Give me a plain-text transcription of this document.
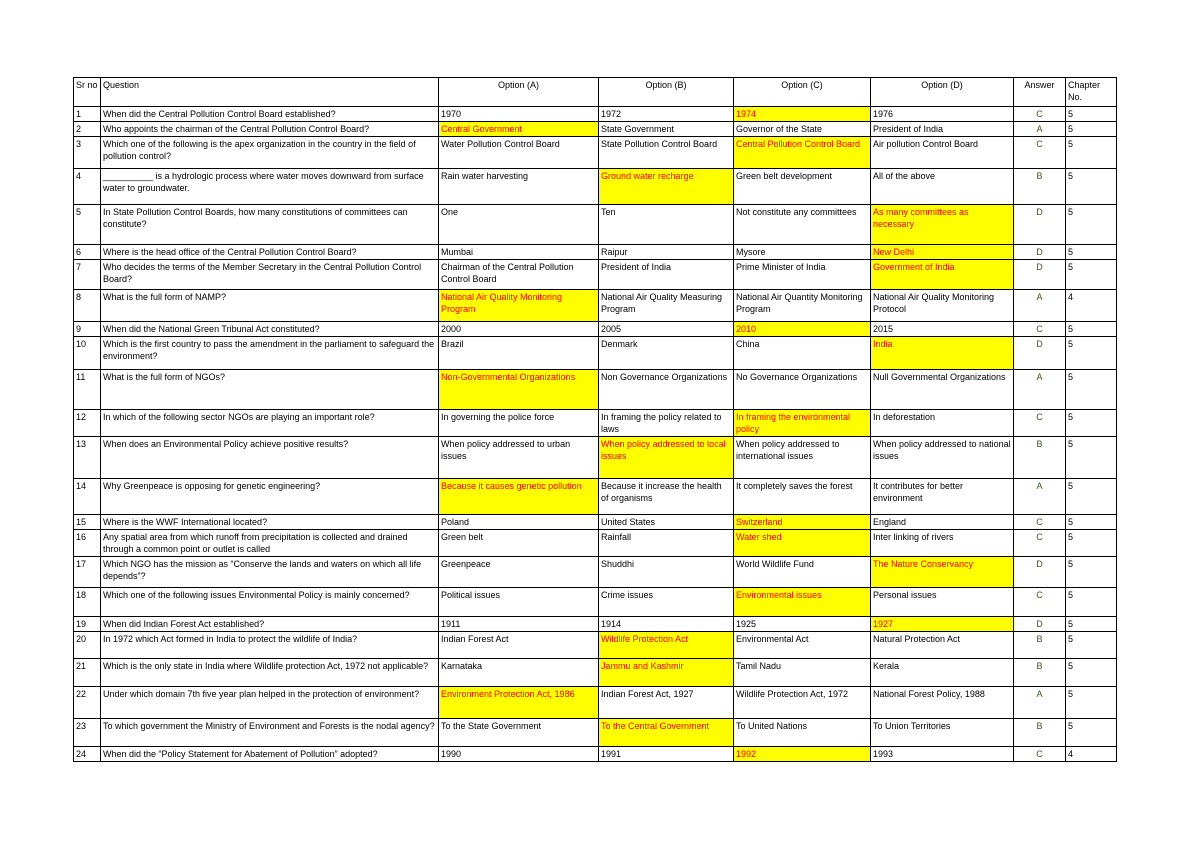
Sr no	Question	Option (A)	Option (B)	Option (C)	Option (D)	Answer	Chapter No.
1	When did the Central Pollution Control Board established?	1970	1972	1974	1976	C	5
2	Who appoints the chairman of the Central Pollution Control Board?	Central Government	State Government	Governor of the State	President of India	A	5
3	Which one of the following is the apex organization in the country in the field of pollution control?	Water Pollution Control Board	State Pollution Control Board	Central Pollution Control Board	Air pollution Control Board	C	5
4	__________ is a hydrologic process where water moves downward from surface water to groundwater.	Rain water harvesting	Ground water recharge	Green belt development	All of the above	B	5
5	In State Pollution Control Boards, how many constitutions of committees can constitute?	One	Ten	Not constitute any committees	As many committees as necessary	D	5
6	Where is the head office of the Central Pollution Control Board?	Mumbai	Raipur	Mysore	New Delhi	D	5
7	Who decides the terms of the Member Secretary in the Central Pollution Control Board?	Chairman of the Central Pollution Control Board	President of India	Prime Minister of India	Government of India	D	5
8	What is the full form of NAMP?	National Air Quality Monitoring Program	National Air Quality Measuring Program	National Air Quantity Monitoring Program	National Air Quality Monitoring Protocol	A	4
9	When did the National Green Tribunal Act constituted?	2000	2005	2010	2015	C	5
10	Which is the first country to pass the amendment in the parliament to safeguard the environment?	Brazil	Denmark	China	India	D	5
11	What is the full form of NGOs?	Non-Governmental Organizations	Non Governance Organizations	No Governance Organizations	Null Governmental Organizations	A	5
12	In which of the following sector NGOs are playing an important role?	In governing the police force	In framing the policy related to laws	In framing the environmental policy	In deforestation	C	5
13	When does an Environmental Policy achieve positive results?	When policy addressed to urban issues	When policy addressed to local issues	When policy addressed to international issues	When policy addressed to national issues	B	5
14	Why Greenpeace is opposing for genetic engineering?	Because it causes genetic pollution	Because it increase the health of organisms	It completely saves the forest	It contributes for better environment	A	5
15	Where is the WWF International located?	Poland	United States	Switzerland	England	C	5
16	Any spatial area from which runoff from precipitation is collected and drained through a common point or outlet is called	Green belt	Rainfall	Water shed	Inter linking of rivers	C	5
17	Which NGO has the mission as “Conserve the lands and waters on which all life depends”?	Greenpeace	Shuddhi	World Wildlife Fund	The Nature Conservancy	D	5
18	Which one of the following issues Environmental Policy is mainly concerned?	Political issues	Crime issues	Environmental issues	Personal issues	C	5
19	When did Indian Forest Act established?	1911	1914	1925	1927	D	5
20	In 1972 which Act formed in India to protect the wildlife of India?	Indian Forest Act	Wildlife Protection Act	Environmental Act	Natural Protection Act	B	5
21	Which is the only state in India where Wildlife protection Act, 1972 not applicable?	Karnataka	Jammu and Kashmir	Tamil Nadu	Kerala	B	5
22	Under which domain 7th five year plan helped in the protection of environment?	Environment Protection Act, 1986	Indian Forest Act, 1927	Wildlife Protection Act, 1972	National Forest Policy, 1988	A	5
23	To which government the Ministry of Environment and Forests is the nodal agency?	To the State Government	To the Central Government	To United Nations	To Union Territories	B	5
24	When did the “Policy Statement for Abatement of Pollution” adopted?	1990	1991	1992	1993	C	4
